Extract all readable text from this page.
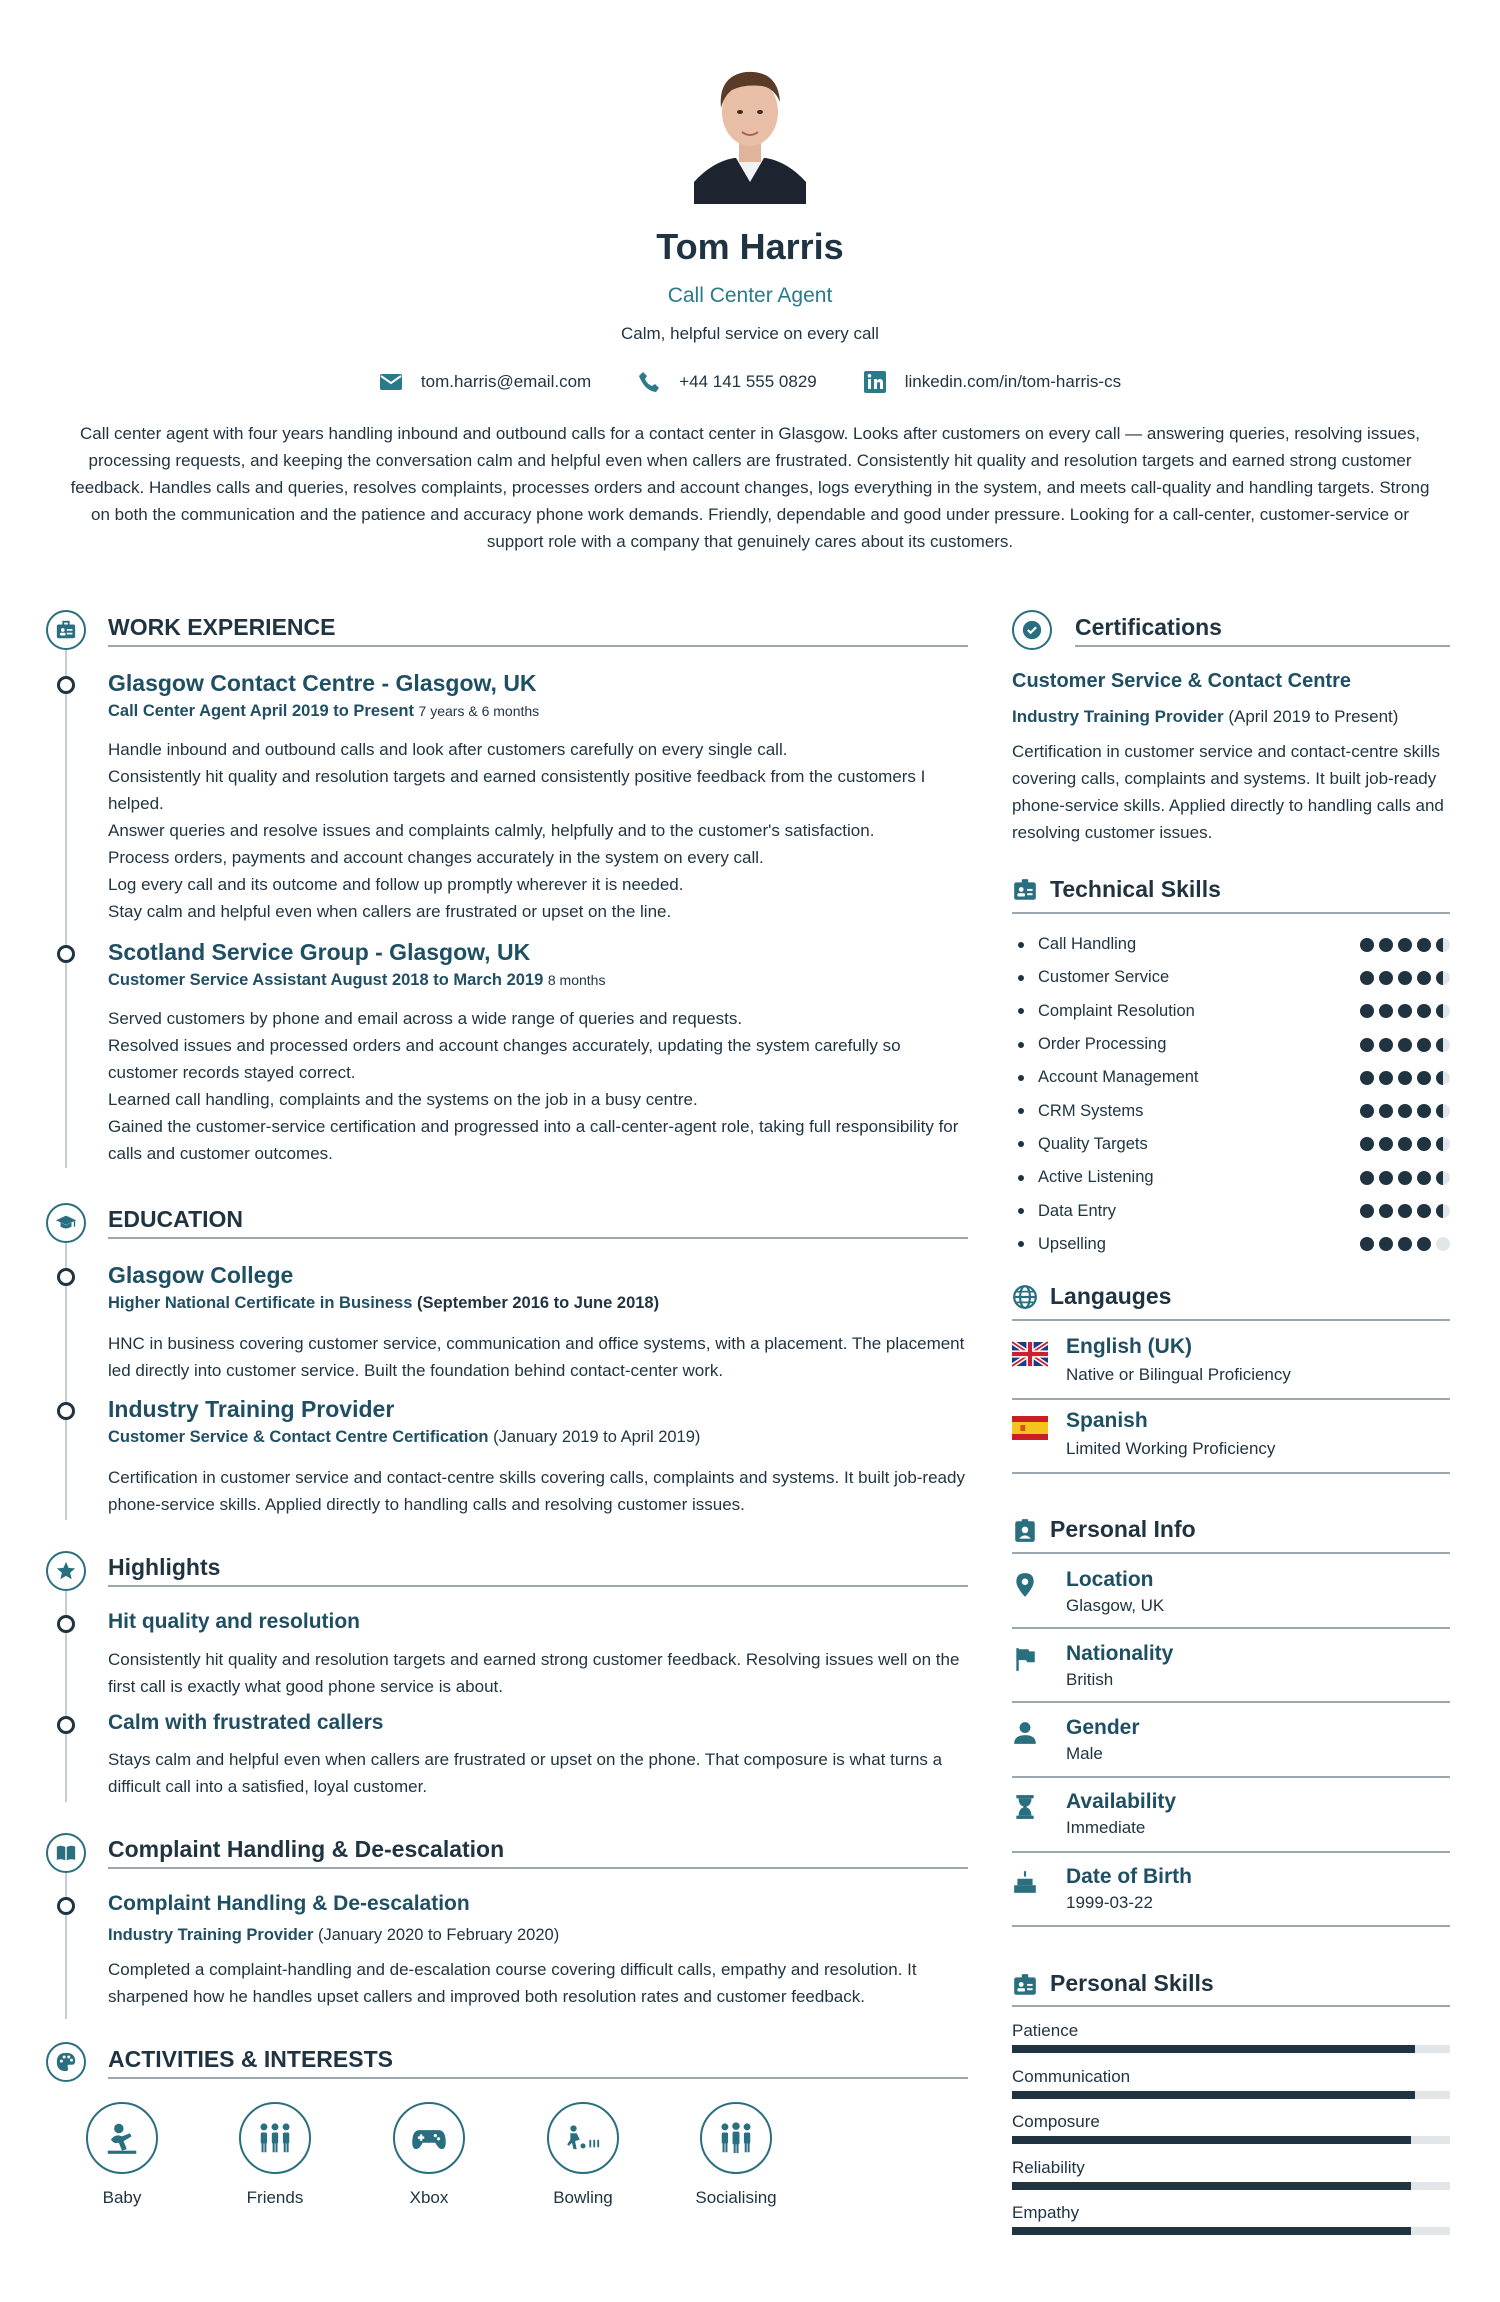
Tom Harris
Call Center Agent
Calm, helpful service on every call
tom.harris@email.com	+44 141 555 0829	linkedin.com/in/tom-harris-cs
Call center agent with four years handling inbound and outbound calls for a contact center in Glasgow. Looks after customers on every call — answering queries, resolving issues, processing requests, and keeping the conversation calm and helpful even when callers are frustrated. Consistently hit quality and resolution targets and earned strong customer feedback. Handles calls and queries, resolves complaints, processes orders and account changes, logs everything in the system, and meets call-quality and handling targets. Strong on both the communication and the patience and accuracy phone work demands. Friendly, dependable and good under pressure. Looking for a call-center, customer-service or support role with a company that genuinely cares about its customers.
WORK EXPERIENCE
Glasgow Contact Centre - Glasgow, UK
Call Center Agent April 2019 to Present 7 years & 6 months

Handle inbound and outbound calls and look after customers carefully on every single call.

Consistently hit quality and resolution targets and earned consistently positive feedback from the customers I helped.

Answer queries and resolve issues and complaints calmly, helpfully and to the customer's satisfaction.

Process orders, payments and account changes accurately in the system on every call.

Log every call and its outcome and follow up promptly wherever it is needed.

Stay calm and helpful even when callers are frustrated or upset on the line.

Scotland Service Group - Glasgow, UK
Customer Service Assistant August 2018 to March 2019 8 months

Served customers by phone and email across a wide range of queries and requests.

Resolved issues and processed orders and account changes accurately, updating the system carefully so customer records stayed correct.

Learned call handling, complaints and the systems on the job in a busy centre.

Gained the customer-service certification and progressed into a call-center-agent role, taking full responsibility for calls and customer outcomes.

EDUCATION
Glasgow College
Higher National Certificate in Business (September 2016 to June 2018)
HNC in business covering customer service, communication and office systems, with a placement. The placement led directly into customer service. Built the foundation behind contact-center work.
Industry Training Provider
Customer Service & Contact Centre Certification (January 2019 to April 2019)
Certification in customer service and contact-centre skills covering calls, complaints and systems. It built job-ready phone-service skills. Applied directly to handling calls and resolving customer issues.
Highlights
Hit quality and resolution
Consistently hit quality and resolution targets and earned strong customer feedback. Resolving issues well on the first call is exactly what good phone service is about.
Calm with frustrated callers
Stays calm and helpful even when callers are frustrated or upset on the phone. That composure is what turns a difficult call into a satisfied, loyal customer.
Complaint Handling & De-escalation
Complaint Handling & De-escalation
Industry Training Provider (January 2020 to February 2020)
Completed a complaint-handling and de-escalation course covering difficult calls, empathy and resolution. It sharpened how he handles upset callers and improved both resolution rates and customer feedback.
ACTIVITIES & INTERESTS
Baby	Friends	Xbox	Bowling	Socialising
Certifications
Customer Service & Contact Centre
Industry Training Provider (April 2019 to Present)
Certification in customer service and contact-centre skills covering calls, complaints and systems. It built job-ready phone-service skills. Applied directly to handling calls and resolving customer issues.
Technical Skills
Call Handling
Customer Service
Complaint Resolution
Order Processing
Account Management
CRM Systems
Quality Targets
Active Listening
Data Entry
Upselling
Langauges
English (UK)
Native or Bilingual Proficiency
Spanish
Limited Working Proficiency
Personal Info
Location
Glasgow, UK
Nationality
British
Gender
Male
Availability
Immediate
Date of Birth
1999-03-22
Personal Skills
Patience
Communication
Composure
Reliability
Empathy
